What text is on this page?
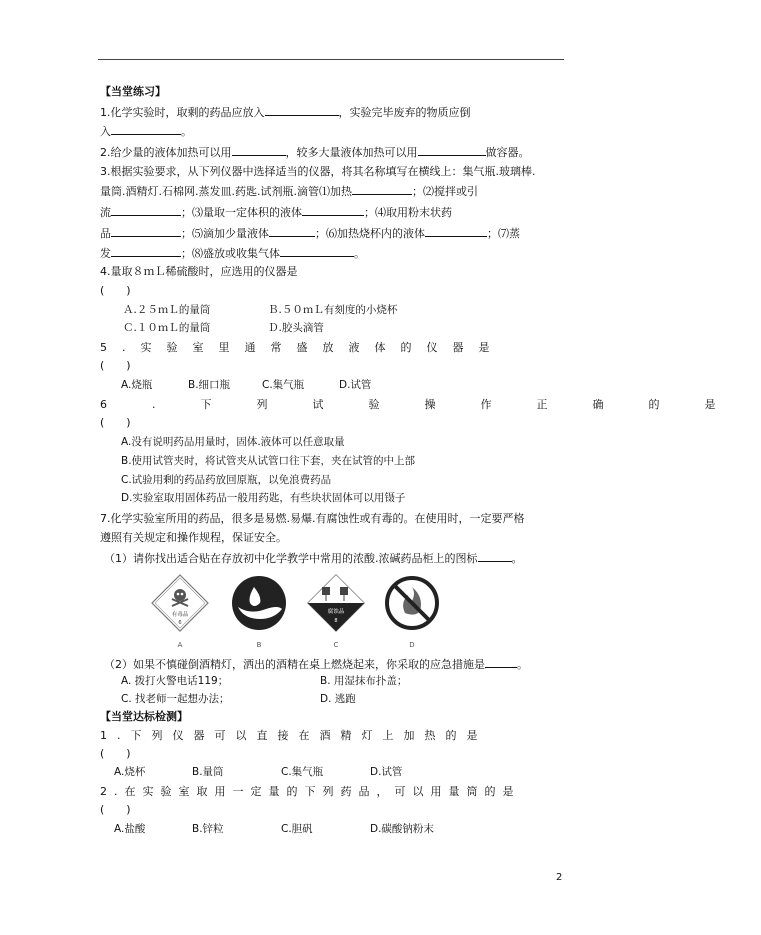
【当堂练习】
1.化学实验时，取剩的药品应放入	，实验完毕废弃的物质应倒
入	。
2.给少量的液体加热可以用	，较多大量液体加热可以用	做容器。
3.根据实验要求，从下列仪器中选择适当的仪器，将其名称填写在横线上：集气瓶.玻璃棒.
量筒.酒精灯.石棉网.蒸发皿.药匙.试剂瓶.滴管⑴加热	；⑵搅拌或引
流	；⑶量取一定体积的液体	；⑷取用粉末状药
品	；⑸滴加少量液体	；⑹加热烧杯内的液体	；⑺蒸
发	；⑻盛放或收集气体	。
4.量取８ｍＬ稀硫酸时，应选用的仪器是
(　　)
Ａ.２５ｍＬ的量筒	Ｂ.５０ｍＬ有刻度的小烧杯
Ｃ.１０ｍＬ的量筒	Ｄ.胶头滴管
5.实验室里通常盛放液体的仪器是
(　　)
A.烧瓶	B.细口瓶	C.集气瓶	D.试管
6.下列试验操作正确的是
(　　)
A.没有说明药品用量时，固体.液体可以任意取量
B.使用试管夹时，将试管夹从试管口往下套，夹在试管的中上部
C.试验用剩的药品药放回原瓶，以免浪费药品
D.实验室取用固体药品一般用药匙，有些块状固体可以用镊子
7.化学实验室所用的药品，很多是易燃.易爆.有腐蚀性或有毒的。在使用时，一定要严格
遵照有关规定和操作规程，保证安全。
（1）请你找出适合贴在存放初中化学教学中常用的浓酸.浓碱药品柜上的图标	。
有毒品
6
A	B
腐蚀品
8
C	D
（2）如果不慎碰倒酒精灯，洒出的酒精在桌上燃烧起来，你采取的应急措施是	。
A. 拨打火警电话119；	B. 用湿抹布扑盖；
C. 找老师一起想办法；	D. 逃跑
【当堂达标检测】
1.下列仪器可以直接在酒精灯上加热的是
(　　)
A.烧杯	B.量筒	C.集气瓶	D.试管
2.在实验室取用一定量的下列药品，可以用量筒的是
(　　)
A.盐酸	B.锌粒	C.胆矾	D.碳酸钠粉末
2
